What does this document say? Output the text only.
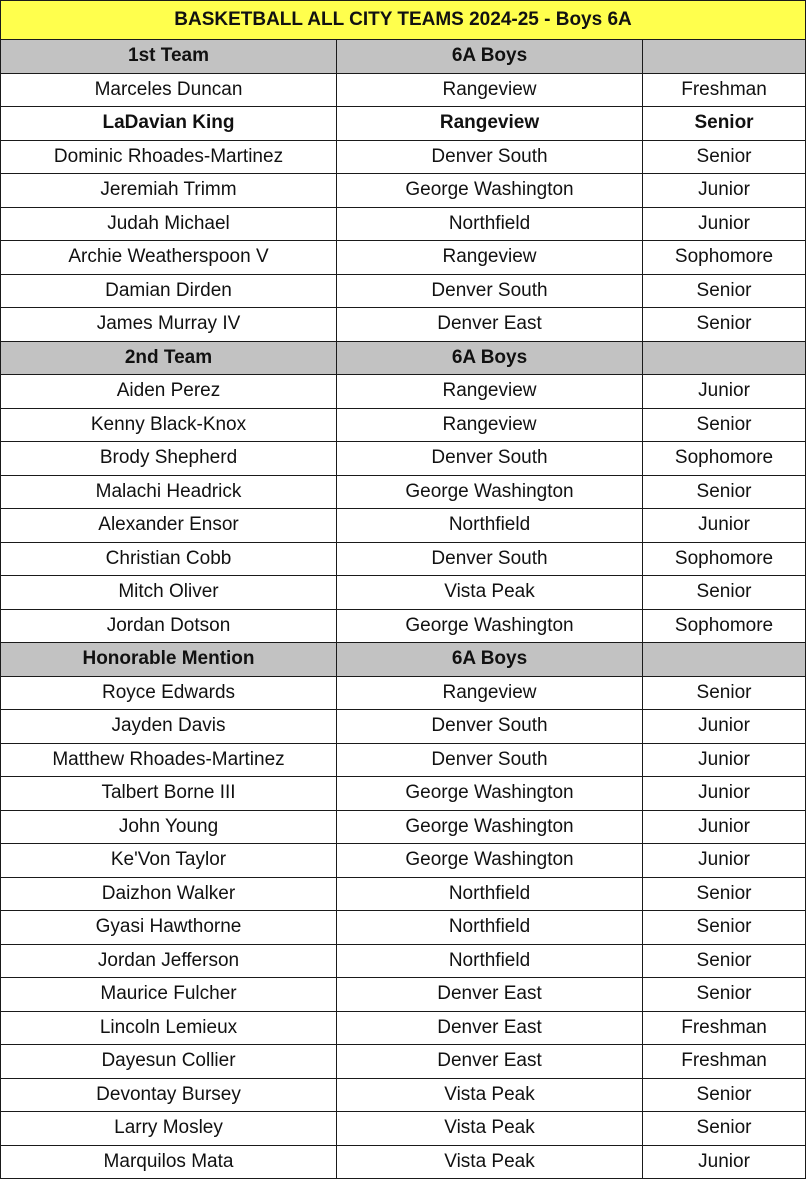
BASKETBALL ALL CITY TEAMS 2024-25 - Boys 6A		
1st Team	6A Boys	
Marceles Duncan	Rangeview	Freshman
LaDavian King	Rangeview	Senior
Dominic Rhoades-Martinez	Denver South	Senior
Jeremiah Trimm	George Washington	Junior
Judah Michael	Northfield	Junior
Archie Weatherspoon V	Rangeview	Sophomore
Damian Dirden	Denver South	Senior
James Murray IV	Denver East	Senior
2nd Team	6A Boys	
Aiden Perez	Rangeview	Junior
Kenny Black-Knox	Rangeview	Senior
Brody Shepherd	Denver South	Sophomore
Malachi Headrick	George Washington	Senior
Alexander Ensor	Northfield	Junior
Christian Cobb	Denver South	Sophomore
Mitch Oliver	Vista Peak	Senior
Jordan Dotson	George Washington	Sophomore
Honorable Mention	6A Boys	
Royce Edwards	Rangeview	Senior
Jayden Davis	Denver South	Junior
Matthew Rhoades-Martinez	Denver South	Junior
Talbert Borne III	George Washington	Junior
John Young	George Washington	Junior
Ke'Von Taylor	George Washington	Junior
Daizhon Walker	Northfield	Senior
Gyasi Hawthorne	Northfield	Senior
Jordan Jefferson	Northfield	Senior
Maurice Fulcher	Denver East	Senior
Lincoln Lemieux	Denver East	Freshman
Dayesun Collier	Denver East	Freshman
Devontay Bursey	Vista Peak	Senior
Larry Mosley	Vista Peak	Senior
Marquilos Mata	Vista Peak	Junior
